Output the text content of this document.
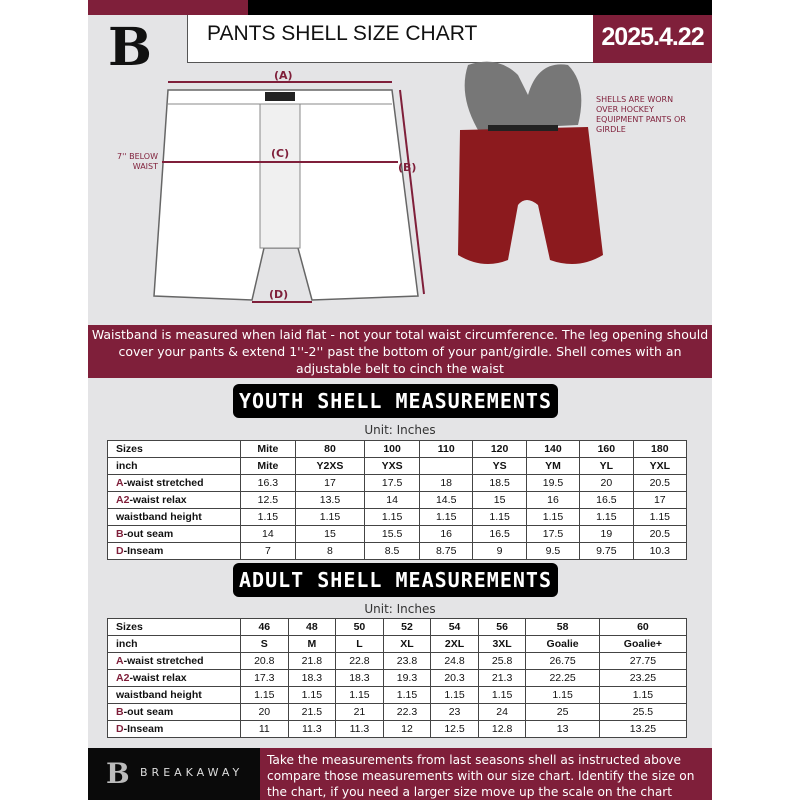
B	PANTS SHELL SIZE CHART	2025.4.22
(A)
(C)
(B)
(D)
7'' BELOW WAIST
SHELLS ARE WORN OVER HOCKEY EQUIPMENT PANTS OR GIRDLE
Waistband is measured when laid flat - not your total waist circumference. The leg opening should cover your pants & extend 1''-2'' past the bottom of your pant/girdle. Shell comes with an adjustable belt to cinch the waist
YOUTH SHELL MEASUREMENTS
Unit: Inches
Sizes	Mite	80	100	110	120	140	160	180
inch	Mite	Y2XS	YXS		YS	YM	YL	YXL
A-waist stretched	16.3	17	17.5	18	18.5	19.5	20	20.5
A2-waist relax	12.5	13.5	14	14.5	15	16	16.5	17
waistband height	1.15	1.15	1.15	1.15	1.15	1.15	1.15	1.15
B-out seam	14	15	15.5	16	16.5	17.5	19	20.5
D-Inseam	7	8	8.5	8.75	9	9.5	9.75	10.3
ADULT SHELL MEASUREMENTS
Unit: Inches
Sizes	46	48	50	52	54	56	58	60
inch	S	M	L	XL	2XL	3XL	Goalie	Goalie+
A-waist stretched	20.8	21.8	22.8	23.8	24.8	25.8	26.75	27.75
A2-waist relax	17.3	18.3	18.3	19.3	20.3	21.3	22.25	23.25
waistband height	1.15	1.15	1.15	1.15	1.15	1.15	1.15	1.15
B-out seam	20	21.5	21	22.3	23	24	25	25.5
D-Inseam	11	11.3	11.3	12	12.5	12.8	13	13.25
Take the measurements from last seasons shell as instructed above compare those measurements with our size chart. Identify the size on the chart, if you need a larger size move up the scale on the chart
B BREAKAWAY
